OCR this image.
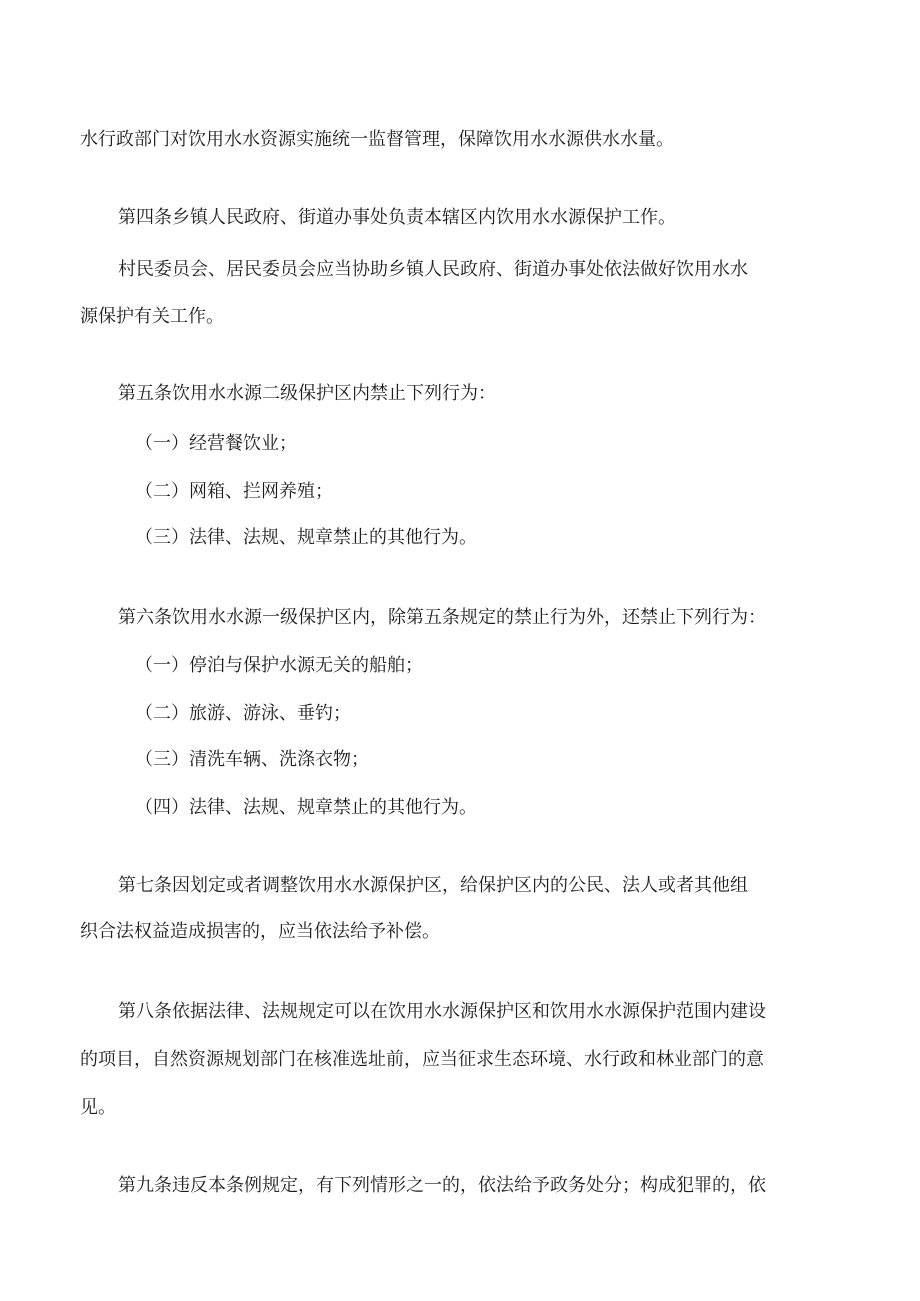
水行政部门对饮用水水资源实施统一监督管理，保障饮用水水源供水水量。

第四条乡镇人民政府、街道办事处负责本辖区内饮用水水源保护工作。

村民委员会、居民委员会应当协助乡镇人民政府、街道办事处依法做好饮用水水

源保护有关工作。

第五条饮用水水源二级保护区内禁止下列行为：

（一）经营餐饮业；

（二）网箱、拦网养殖；

（三）法律、法规、规章禁止的其他行为。

第六条饮用水水源一级保护区内，除第五条规定的禁止行为外，还禁止下列行为：

（一）停泊与保护水源无关的船舶；

（二）旅游、游泳、垂钓；

（三）清洗车辆、洗涤衣物；

（四）法律、法规、规章禁止的其他行为。

第七条因划定或者调整饮用水水源保护区，给保护区内的公民、法人或者其他组

织合法权益造成损害的，应当依法给予补偿。

第八条依据法律、法规规定可以在饮用水水源保护区和饮用水水源保护范围内建设

的项目，自然资源规划部门在核准选址前，应当征求生态环境、水行政和林业部门的意

见。

第九条违反本条例规定，有下列情形之一的，依法给予政务处分；构成犯罪的，依
